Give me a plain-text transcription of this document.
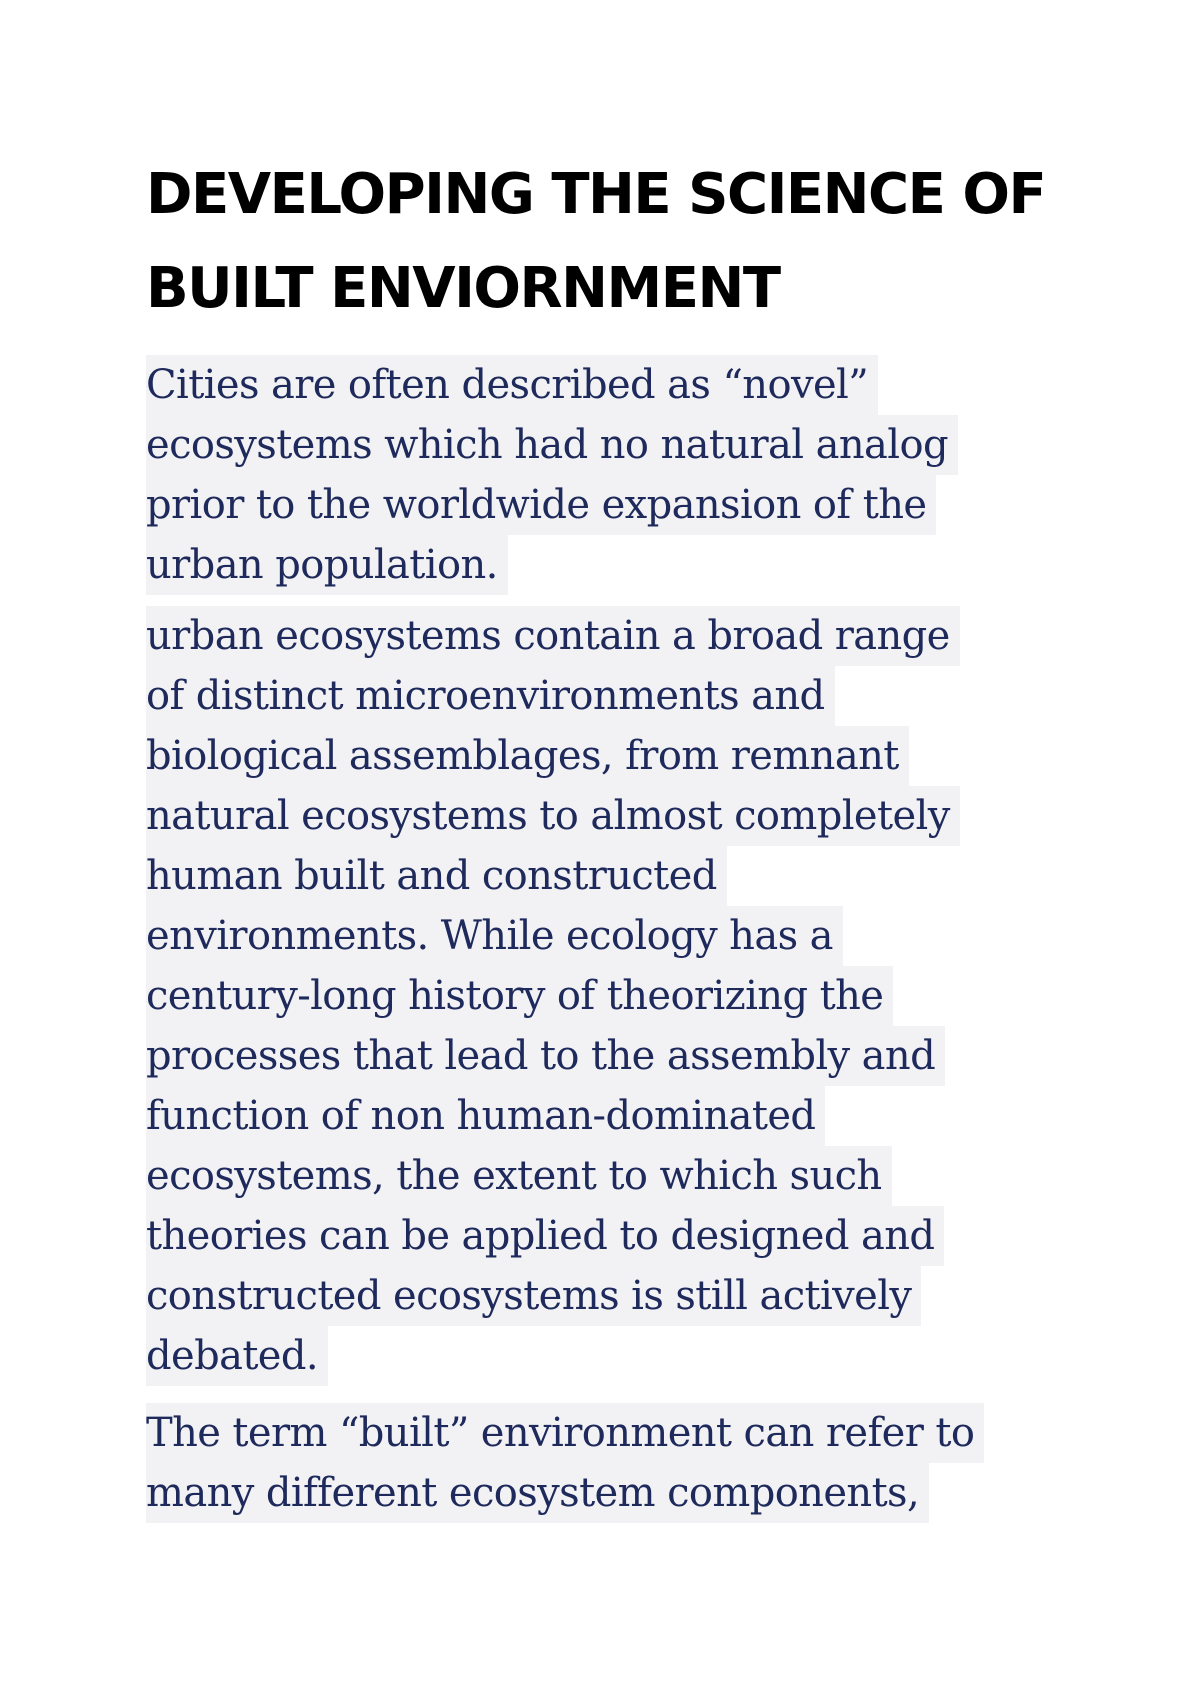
DEVELOPING THE SCIENCE OF
BUILT ENVIORNMENT

Cities are often described as “novel”
ecosystems which had no natural analog
prior to the worldwide expansion of the
urban population.

urban ecosystems contain a broad range
of distinct microenvironments and
biological assemblages, from remnant
natural ecosystems to almost completely
human built and constructed
environments. While ecology has a
century-long history of theorizing the
processes that lead to the assembly and
function of non human-dominated
ecosystems, the extent to which such
theories can be applied to designed and
constructed ecosystems is still actively
debated.

The term “built” environment can refer to
many different ecosystem components,
